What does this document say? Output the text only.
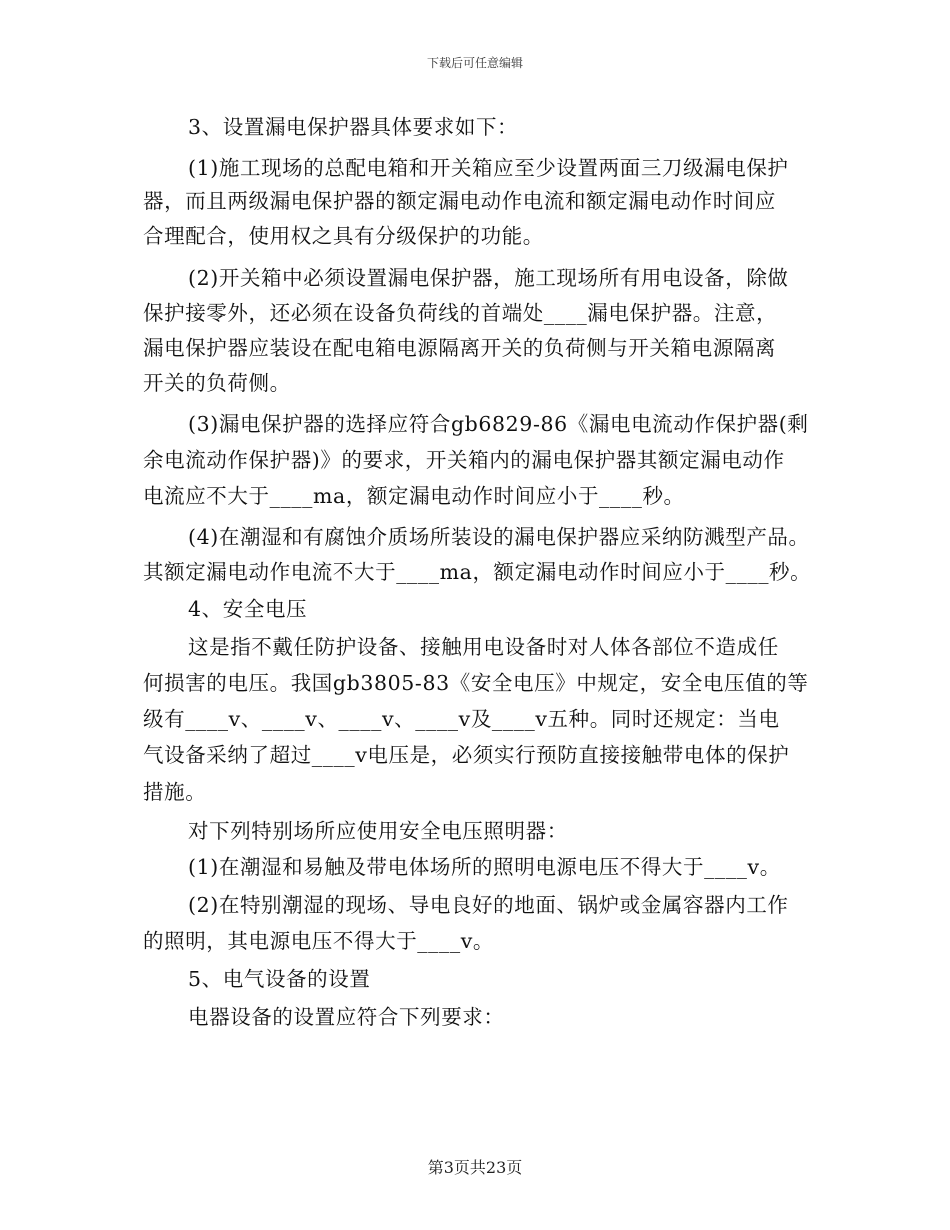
下载后可任意编辑
3、设置漏电保护器具体要求如下：
(1)施工现场的总配电箱和开关箱应至少设置两面三刀级漏电保护
器，而且两级漏电保护器的额定漏电动作电流和额定漏电动作时间应
合理配合，使用权之具有分级保护的功能。
(2)开关箱中必须设置漏电保护器，施工现场所有用电设备，除做
保护接零外，还必须在设备负荷线的首端处____漏电保护器。注意，
漏电保护器应装设在配电箱电源隔离开关的负荷侧与开关箱电源隔离
开关的负荷侧。
(3)漏电保护器的选择应符合gb6829-86《漏电电流动作保护器(剩
余电流动作保护器)》的要求，开关箱内的漏电保护器其额定漏电动作
电流应不大于____ma，额定漏电动作时间应小于____秒。
(4)在潮湿和有腐蚀介质场所装设的漏电保护器应采纳防溅型产品。
其额定漏电动作电流不大于____ma，额定漏电动作时间应小于____秒。
4、安全电压
这是指不戴任防护设备、接触用电设备时对人体各部位不造成任
何损害的电压。我国gb3805-83《安全电压》中规定，安全电压值的等
级有____v、____v、____v、____v及____v五种。同时还规定：当电
气设备采纳了超过____v电压是，必须实行预防直接接触带电体的保护
措施。
对下列特别场所应使用安全电压照明器：
(1)在潮湿和易触及带电体场所的照明电源电压不得大于____v。
(2)在特别潮湿的现场、导电良好的地面、锅炉或金属容器内工作
的照明，其电源电压不得大于____v。
5、电气设备的设置
电器设备的设置应符合下列要求：
第3页共23页
